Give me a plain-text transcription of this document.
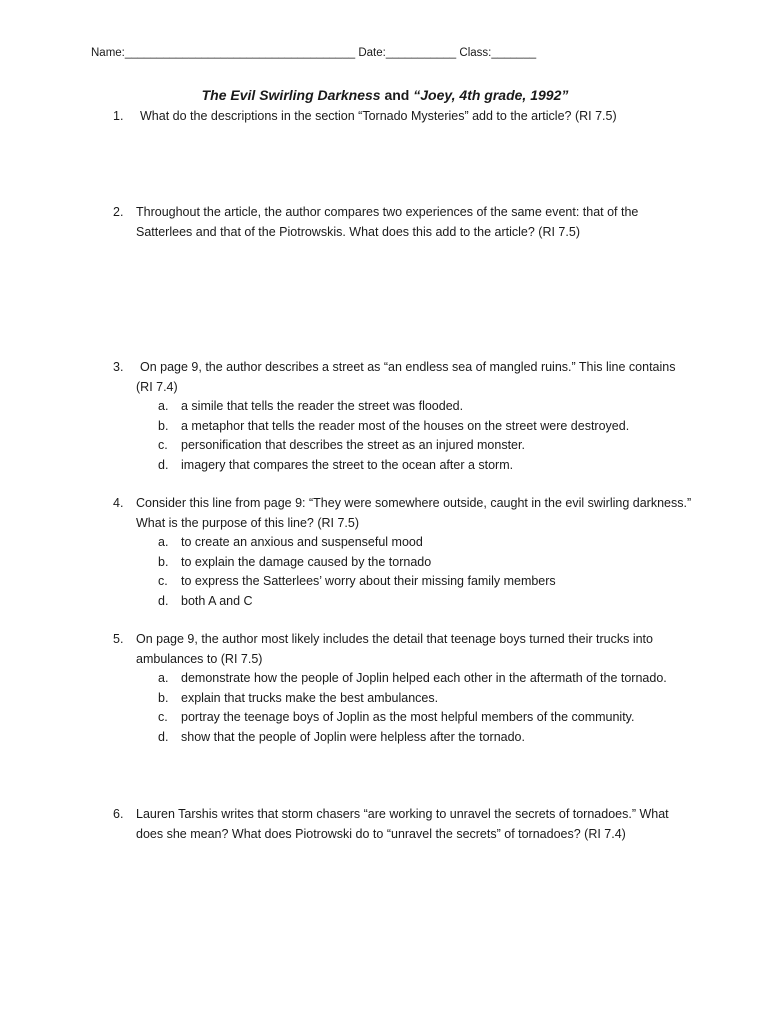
Name:____________________________________ Date:___________ Class:_______
The Evil Swirling Darkness and “Joey, 4th grade, 1992”
1. What do the descriptions in the section “Tornado Mysteries” add to the article? (RI 7.5)
2. Throughout the article, the author compares two experiences of the same event: that of the Satterlees and that of the Piotrowskis. What does this add to the article? (RI 7.5)
3.	On page 9, the author describes a street as “an endless sea of mangled ruins.” This line contains (RI 7.4)
a. a simile that tells the reader the street was flooded.
b. a metaphor that tells the reader most of the houses on the street were destroyed.
c. personification that describes the street as an injured monster.
d. imagery that compares the street to the ocean after a storm.
4. Consider this line from page 9: “They were somewhere outside, caught in the evil swirling darkness.” What is the purpose of this line? (RI 7.5)
a. to create an anxious and suspenseful mood
b. to explain the damage caused by the tornado
c. to express the Satterlees’ worry about their missing family members
d. both A and C
5. On page 9, the author most likely includes the detail that teenage boys turned their trucks into ambulances to (RI 7.5)
a. demonstrate how the people of Joplin helped each other in the aftermath of the tornado.
b. explain that trucks make the best ambulances.
c. portray the teenage boys of Joplin as the most helpful members of the community.
d. show that the people of Joplin were helpless after the tornado.
6. Lauren Tarshis writes that storm chasers “are working to unravel the secrets of tornadoes.” What does she mean? What does Piotrowski do to “unravel the secrets” of tornadoes? (RI 7.4)
